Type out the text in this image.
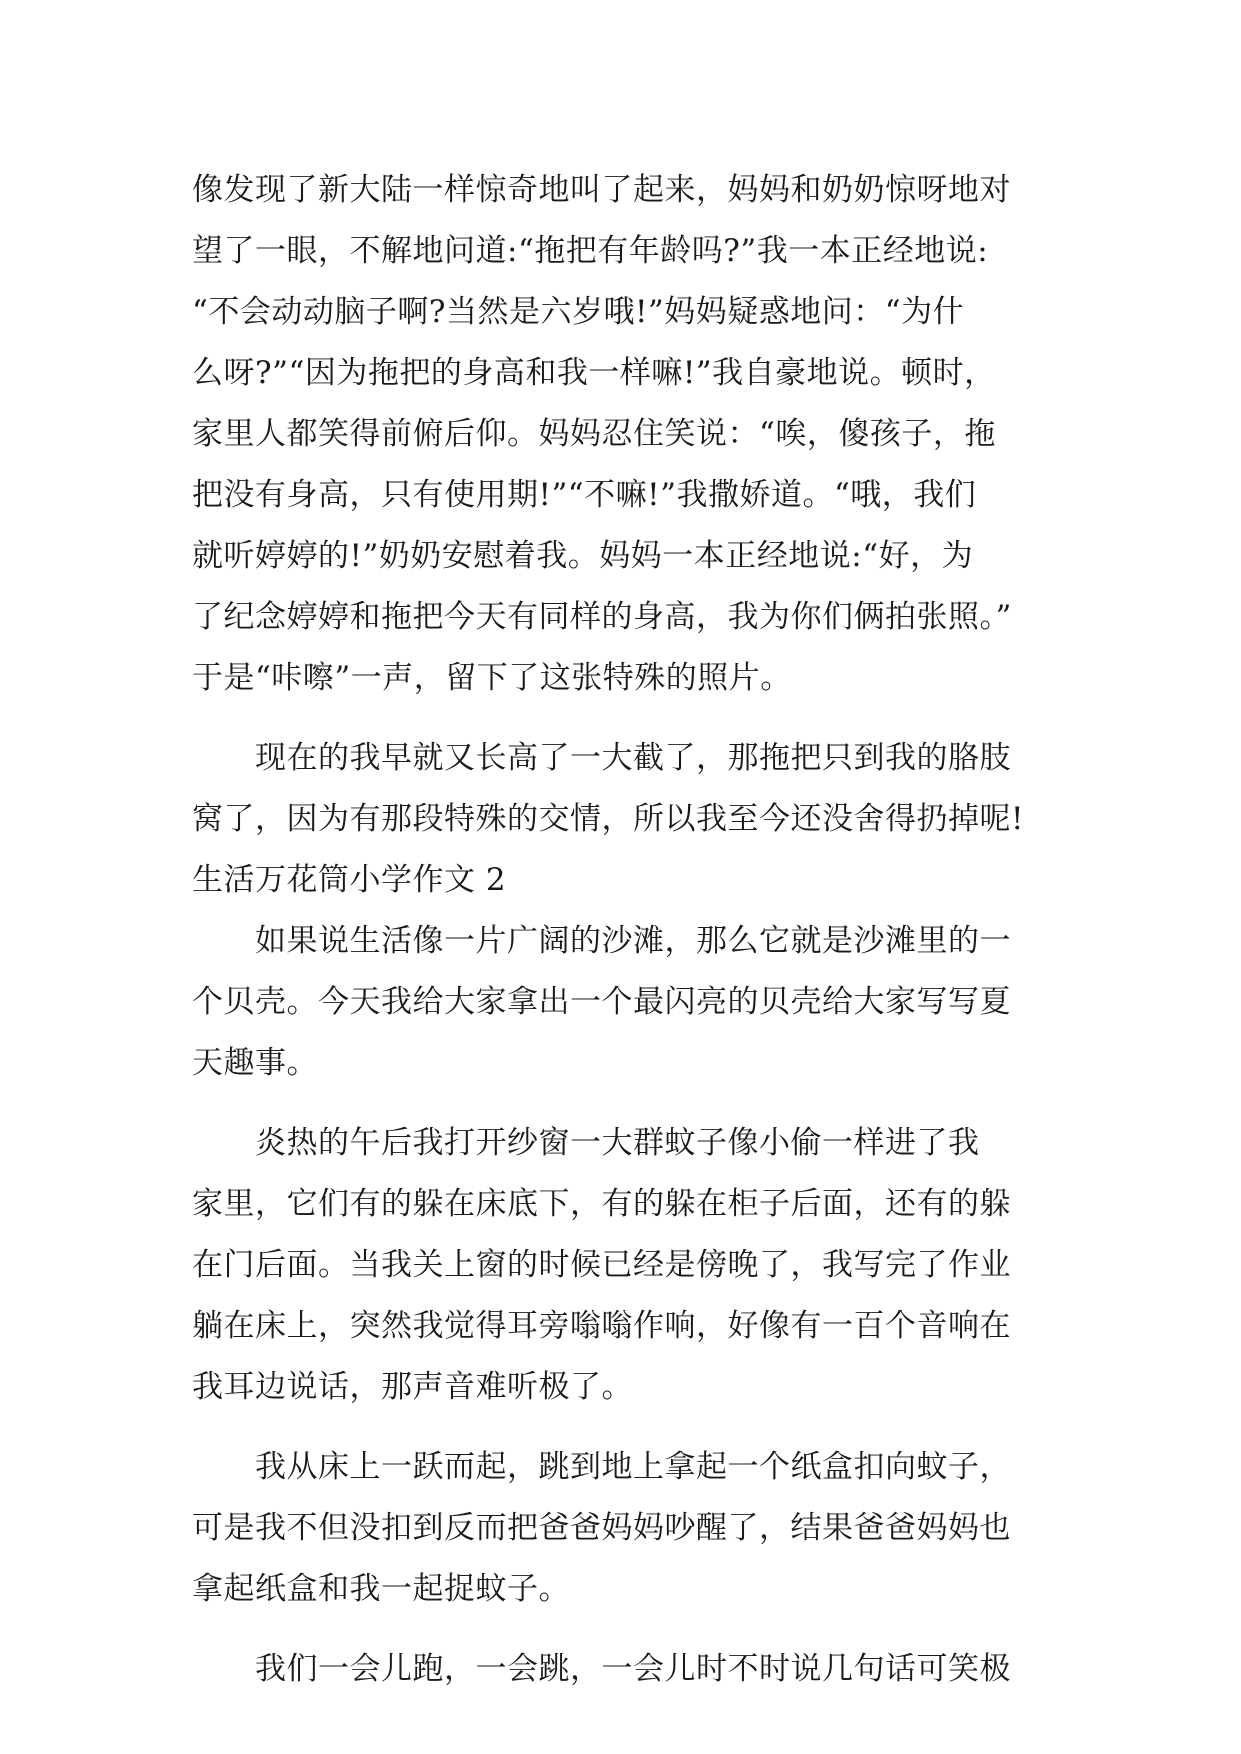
像发现了新大陆一样惊奇地叫了起来，妈妈和奶奶惊呀地对
望了一眼，不解地问道:“拖把有年龄吗?”我一本正经地说:
“不会动动脑子啊?当然是六岁哦!”妈妈疑惑地问：“为什
么呀?”“因为拖把的身高和我一样嘛!”我自豪地说。顿时，
家里人都笑得前俯后仰。妈妈忍住笑说：“唉，傻孩子，拖
把没有身高，只有使用期!”“不嘛!”我撒娇道。“哦，我们
就听婷婷的!”奶奶安慰着我。妈妈一本正经地说:“好，为
了纪念婷婷和拖把今天有同样的身高，我为你们俩拍张照。”
于是“咔嚓”一声，留下了这张特殊的照片。
　　现在的我早就又长高了一大截了，那拖把只到我的胳肢
窝了，因为有那段特殊的交情，所以我至今还没舍得扔掉呢!
生活万花筒小学作文 2
　　如果说生活像一片广阔的沙滩，那么它就是沙滩里的一
个贝壳。今天我给大家拿出一个最闪亮的贝壳给大家写写夏
天趣事。
　　炎热的午后我打开纱窗一大群蚊子像小偷一样进了我
家里，它们有的躲在床底下，有的躲在柜子后面，还有的躲
在门后面。当我关上窗的时候已经是傍晚了，我写完了作业
躺在床上，突然我觉得耳旁嗡嗡作响，好像有一百个音响在
我耳边说话，那声音难听极了。
　　我从床上一跃而起，跳到地上拿起一个纸盒扣向蚊子，
可是我不但没扣到反而把爸爸妈妈吵醒了，结果爸爸妈妈也
拿起纸盒和我一起捉蚊子。
　　我们一会儿跑，一会跳，一会儿时不时说几句话可笑极
